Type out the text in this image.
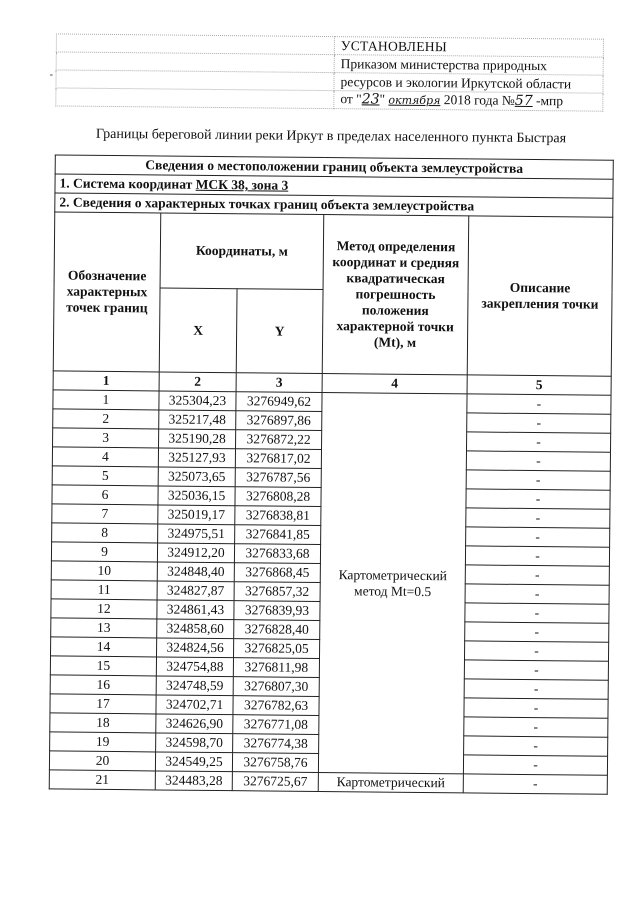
-
	УСТАНОВЛЕНЫ
	Приказом министерства природных
	ресурсов и экологии Иркутской области
	от "23" октября 2018 года №57 -мпр
Границы береговой линии реки Иркут в пределах населенного пункта Быстрая
Сведения о местоположении границ объекта землеустройства				
1. Система координат МСК 38, зона 3				
2. Сведения о характерных точках границ объекта землеустройства				
Обозначение характерных точек границ	Координаты, м		Метод определения координат и средняя квадратическая погрешность положения характерной точки (Mt), м	Описание закрепления точки
	X	Y		
1	2	3	4	5
1	325304,23	3276949,62	Картометрический метод Mt=0.5	-
2	325217,48	3276897,86		-
3	325190,28	3276872,22		-
4	325127,93	3276817,02		-
5	325073,65	3276787,56		-
6	325036,15	3276808,28		-
7	325019,17	3276838,81		-
8	324975,51	3276841,85		-
9	324912,20	3276833,68		-
10	324848,40	3276868,45		-
11	324827,87	3276857,32		-
12	324861,43	3276839,93		-
13	324858,60	3276828,40		-
14	324824,56	3276825,05		-
15	324754,88	3276811,98		-
16	324748,59	3276807,30		-
17	324702,71	3276782,63		-
18	324626,90	3276771,08		-
19	324598,70	3276774,38		-
20	324549,25	3276758,76		-
21	324483,28	3276725,67	Картометрический	-
